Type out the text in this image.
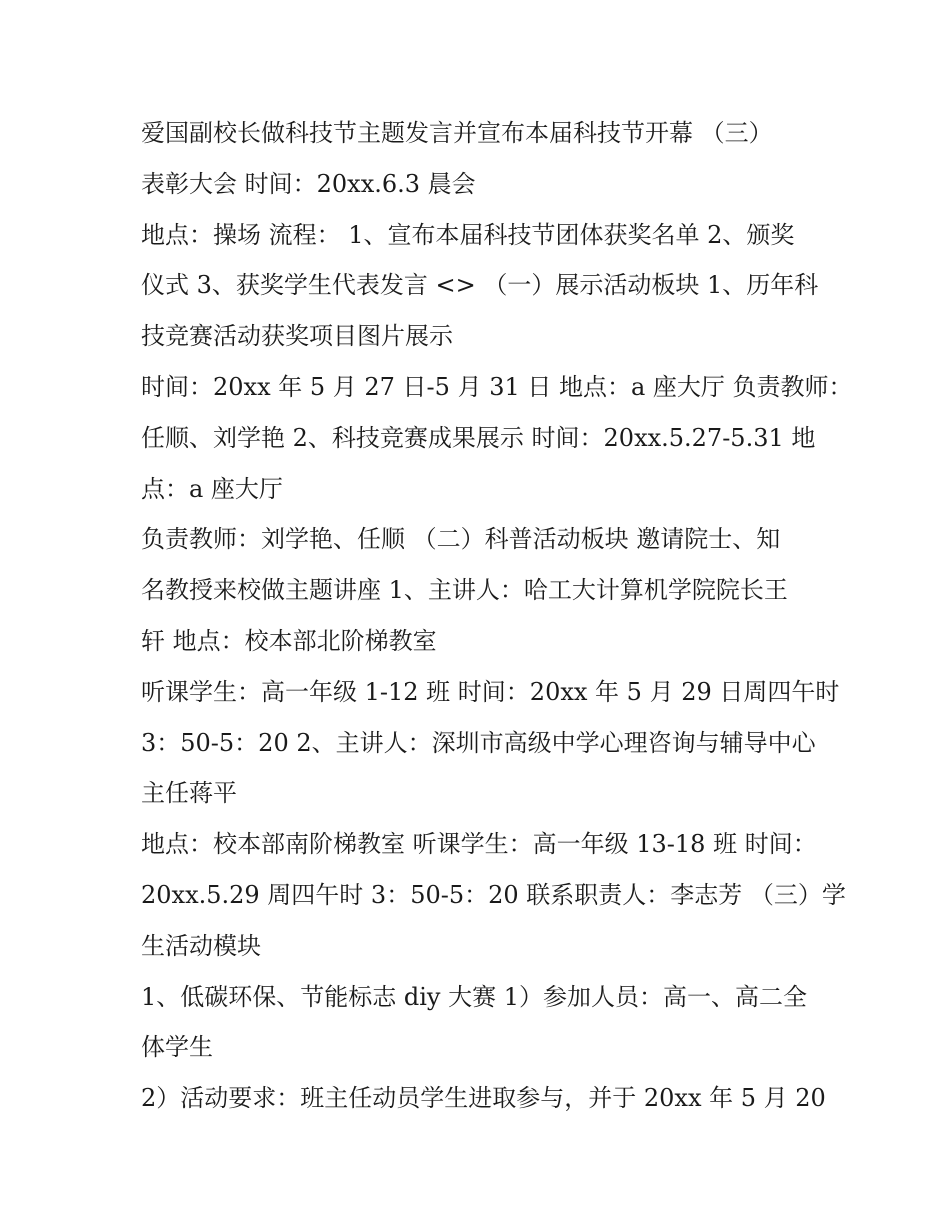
爱国副校长做科技节主题发言并宣布本届科技节开幕 （三）
表彰大会 时间：20xx.6.3 晨会
地点：操场 流程： 1、宣布本届科技节团体获奖名单 2、颁奖
仪式 3、获奖学生代表发言 <> （一）展示活动板块 1、历年科
技竞赛活动获奖项目图片展示
时间：20xx 年 5 月 27 日-5 月 31 日 地点：a 座大厅 负责教师：
任顺、刘学艳 2、科技竞赛成果展示 时间：20xx.5.27-5.31 地
点：a 座大厅
负责教师：刘学艳、任顺 （二）科普活动板块 邀请院士、知
名教授来校做主题讲座 1、主讲人：哈工大计算机学院院长王
轩 地点：校本部北阶梯教室
听课学生：高一年级 1-12 班 时间：20xx 年 5 月 29 日周四午时
3：50-5：20 2、主讲人：深圳市高级中学心理咨询与辅导中心
主任蒋平
地点：校本部南阶梯教室 听课学生：高一年级 13-18 班 时间：
20xx.5.29 周四午时 3：50-5：20 联系职责人：李志芳 （三）学
生活动模块
1、低碳环保、节能标志 diy 大赛 1）参加人员：高一、高二全
体学生
2）活动要求：班主任动员学生进取参与，并于 20xx 年 5 月 20
